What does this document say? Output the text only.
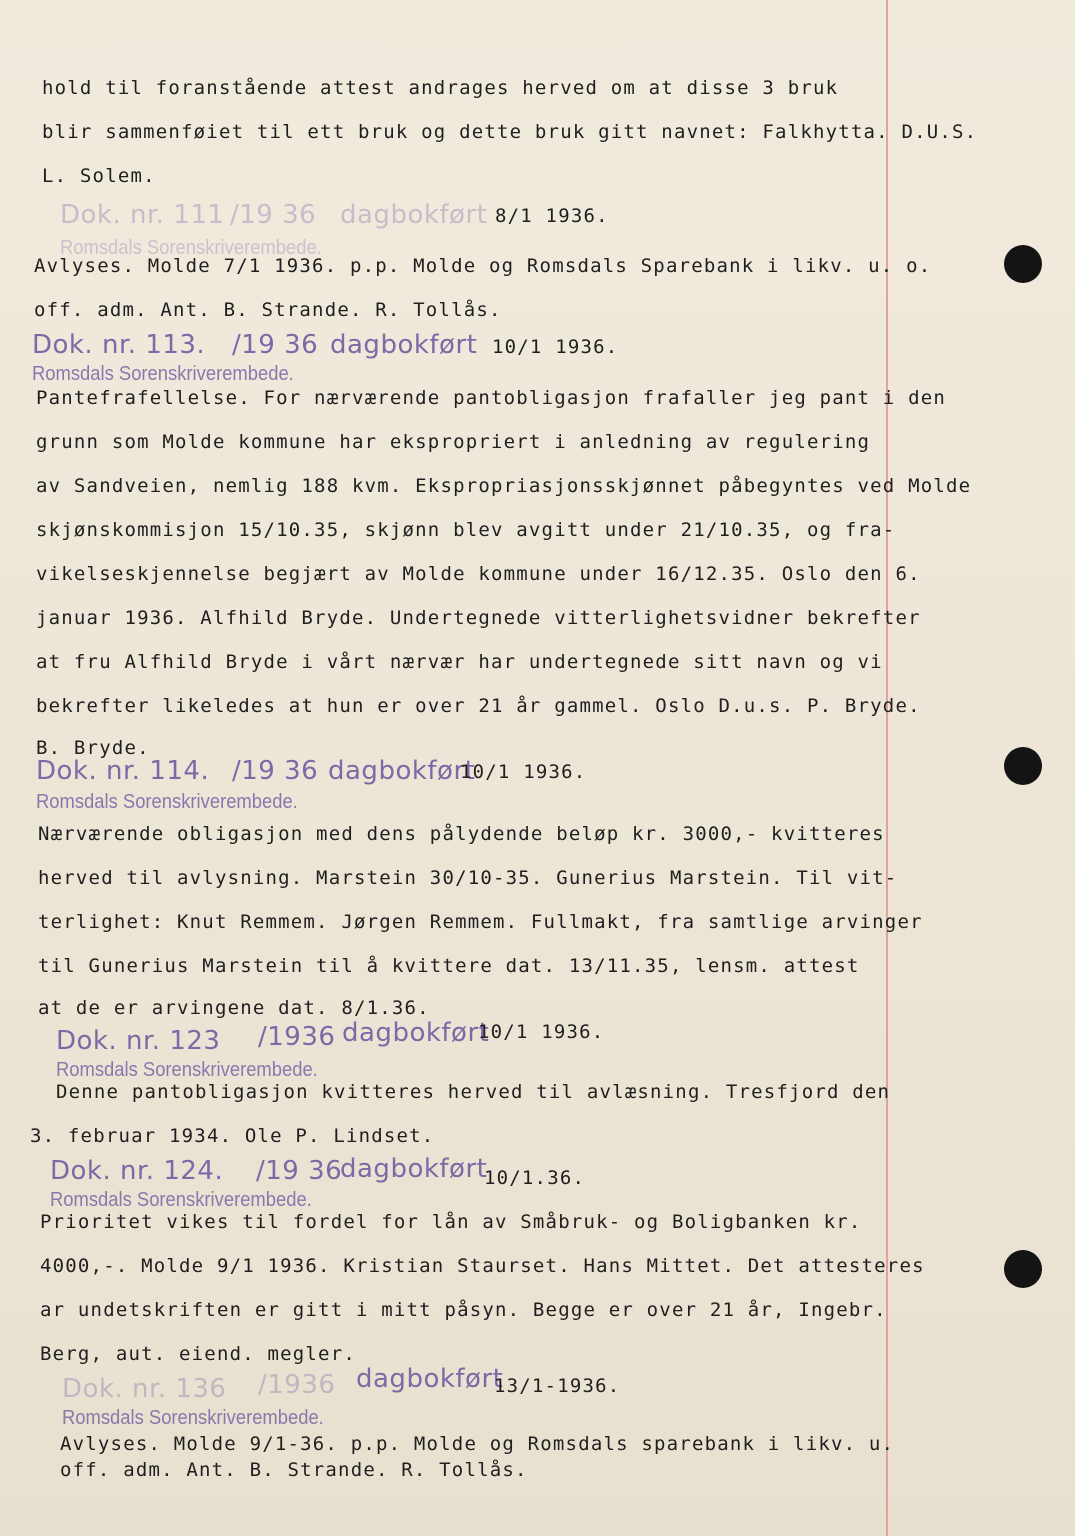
hold til foranstående attest andrages herved om at disse 3 bruk
blir sammenføiet til ett bruk og dette bruk gitt navnet: Falkhytta. D.U.S.
L. Solem.
Dok. nr. 111 /19 36 dagbokført 8/1 1936.
Romsdals Sorenskriverembede.
Avlyses. Molde 7/1 1936. p.p. Molde og Romsdals Sparebank i likv. u. o.
off. adm. Ant. B. Strande. R. Tollås.
Dok. nr. 113. /19 36 dagbokført 10/1 1936.
Romsdals Sorenskriverembede.
Pantefrafellelse. For nærværende pantobligasjon frafaller jeg pant i den
grunn som Molde kommune har ekspropriert i anledning av regulering
av Sandveien, nemlig 188 kvm. Ekspropriasjonsskjønnet påbegyntes ved Molde
skjønskommisjon 15/10.35, skjønn blev avgitt under 21/10.35, og fra-
vikelseskjennelse begjært av Molde kommune under 16/12.35. Oslo den 6.
januar 1936. Alfhild Bryde. Undertegnede vitterlighetsvidner bekrefter
at fru Alfhild Bryde i vårt nærvær har undertegnede sitt navn og vi
bekrefter likeledes at hun er over 21 år gammel. Oslo D.u.s. P. Bryde.
B. Bryde.
Dok. nr. 114. /19 36 dagbokført
10/1 1936.
Romsdals Sorenskriverembede.
Nærværende obligasjon med dens pålydende beløp kr. 3000,- kvitteres
herved til avlysning. Marstein 30/10-35. Gunerius Marstein. Til vit-
terlighet: Knut Remmem. Jørgen Remmem. Fullmakt, fra samtlige arvinger
til Gunerius Marstein til å kvittere dat. 13/11.35, lensm. attest
at de er arvingene dat. 8/1.36.
Dok. nr. 123 /1936 dagbokført
10/1 1936.
Romsdals Sorenskriverembede.
Denne pantobligasjon kvitteres herved til avlæsning. Tresfjord den
3. februar 1934. Ole P. Lindset.
Dok. nr. 124. /19 36
dagbokført
10/1.36.
Romsdals Sorenskriverembede.
Prioritet vikes til fordel for lån av Småbruk- og Boligbanken kr.
4000,-. Molde 9/1 1936. Kristian Staurset. Hans Mittet. Det attesteres
ar undetskriften er gitt i mitt påsyn. Begge er over 21 år, Ingebr.
Berg, aut. eiend. megler.
Dok. nr. 136 /1936 dagbokført
13/1-1936.
Romsdals Sorenskriverembede.
Avlyses. Molde 9/1-36. p.p. Molde og Romsdals sparebank i likv. u.
off. adm. Ant. B. Strande. R. Tollås.
